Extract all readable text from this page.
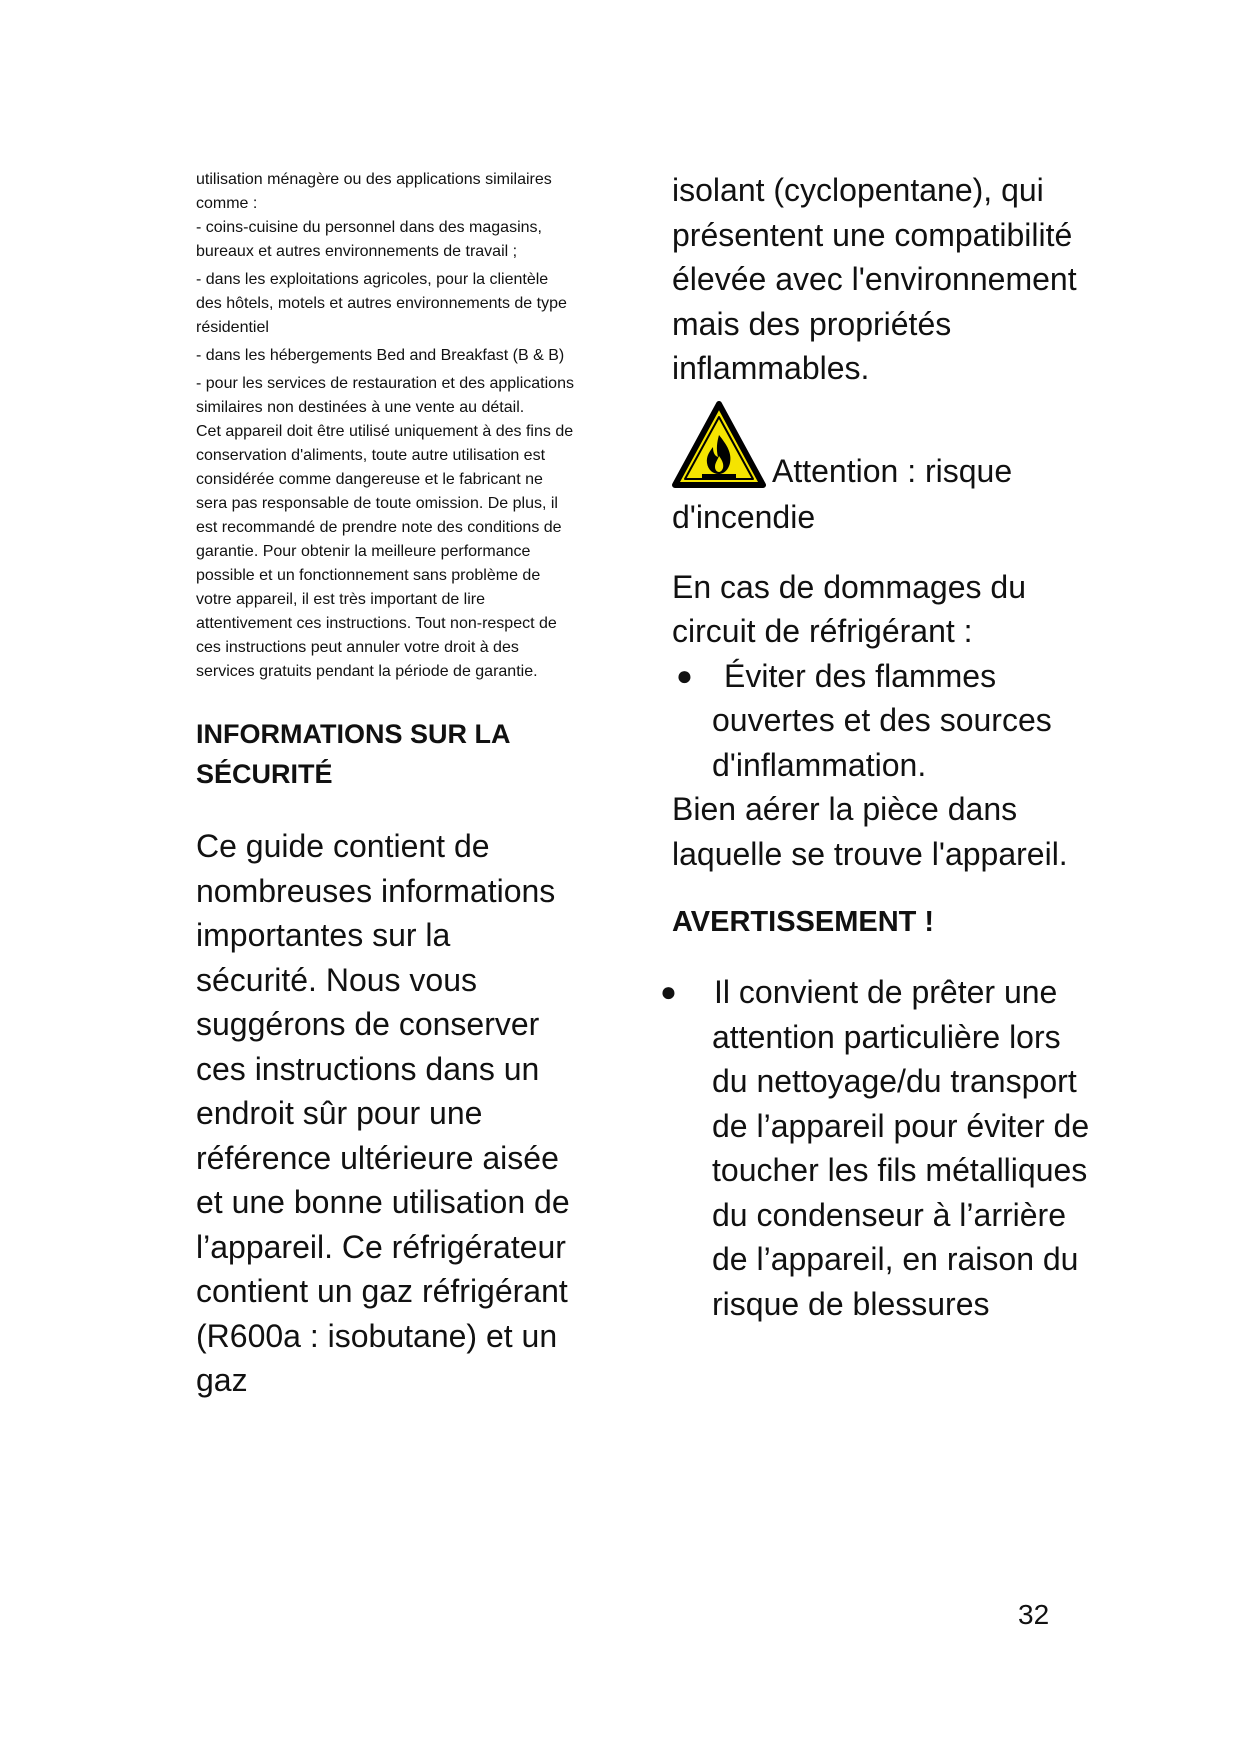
utilisation ménagère ou des applications similaires comme :

- coins-cuisine du personnel dans des magasins, bureaux et autres environnements de travail ;

- dans les exploitations agricoles, pour la clientèle des hôtels, motels et autres environnements de type résidentiel

- dans les hébergements Bed and Breakfast (B & B)

- pour les services de restauration et des applications similaires non destinées à une vente au détail.

Cet appareil doit être utilisé uniquement à des fins de conservation d'aliments, toute autre utilisation est considérée comme dangereuse et le fabricant ne sera pas responsable de toute omission. De plus, il est recommandé de prendre note des conditions de garantie. Pour obtenir la meilleure performance possible et un fonctionnement sans problème de votre appareil, il est très important de lire attentivement ces instructions. Tout non-respect de ces instructions peut annuler votre droit à des services gratuits pendant la période de garantie.

INFORMATIONS SUR LA SÉCURITÉ

Ce guide contient de nombreuses informations importantes sur la sécurité. Nous vous suggérons de conserver ces instructions dans un endroit sûr pour une référence ultérieure aisée et une bonne utilisation de l’appareil. Ce réfrigérateur contient un gaz réfrigérant (R600a : isobutane) et un gaz

isolant (cyclopentane), qui présentent une compatibilité élevée avec l'environnement mais des propriétés inflammables.

Attention : risque

d'incendie

En cas de dommages du circuit de réfrigérant :

● Éviter des flammes ouvertes et des sources d'inflammation.

Bien aérer la pièce dans laquelle se trouve l'appareil.

AVERTISSEMENT !
●	Il convient de prêter une attention particulière lors du nettoyage/du transport de l’appareil pour éviter de toucher les fils métalliques du condenseur à l’arrière de l’appareil, en raison du risque de blessures
32
